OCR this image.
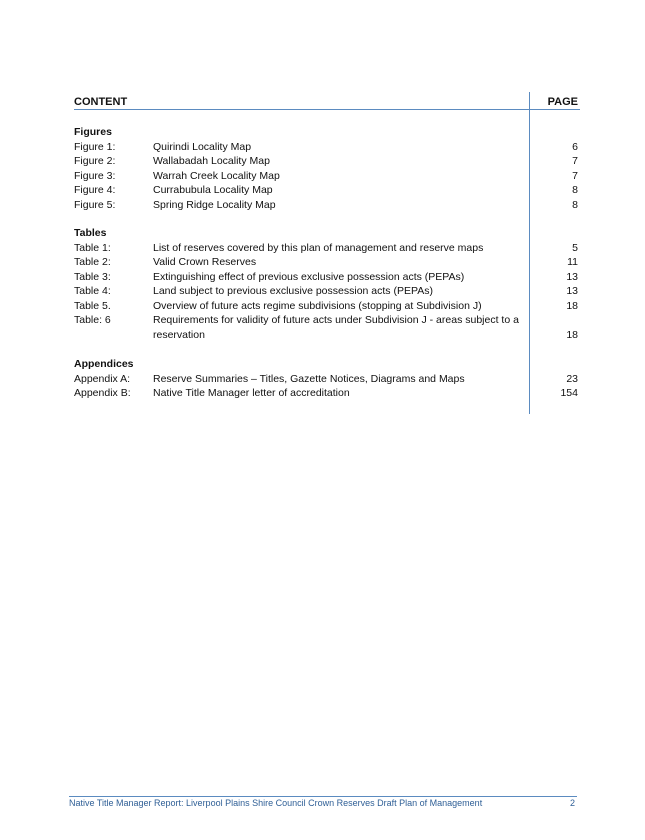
CONTENT	PAGE
Figures
Figure 1:	Quirindi Locality Map	6
Figure 2:	Wallabadah Locality Map	7
Figure 3:	Warrah Creek Locality Map	7
Figure 4:	Currabubula Locality Map	8
Figure 5:	Spring Ridge Locality Map	8
Tables
Table 1:	List of reserves covered by this plan of management and reserve maps	5
Table 2:	Valid Crown Reserves	11
Table 3:	Extinguishing effect of previous exclusive possession acts (PEPAs)	13
Table 4:	Land subject to previous exclusive possession acts (PEPAs)	13
Table 5.	Overview of future acts regime subdivisions (stopping at Subdivision J)	18
Table: 6	Requirements for validity of future acts under Subdivision J - areas subject to a reservation	18
Appendices
Appendix A: Reserve Summaries – Titles, Gazette Notices, Diagrams and Maps	23
Appendix B: Native Title Manager letter of accreditation	154
Native Title Manager Report: Liverpool Plains Shire Council Crown Reserves Draft Plan of Management	2
